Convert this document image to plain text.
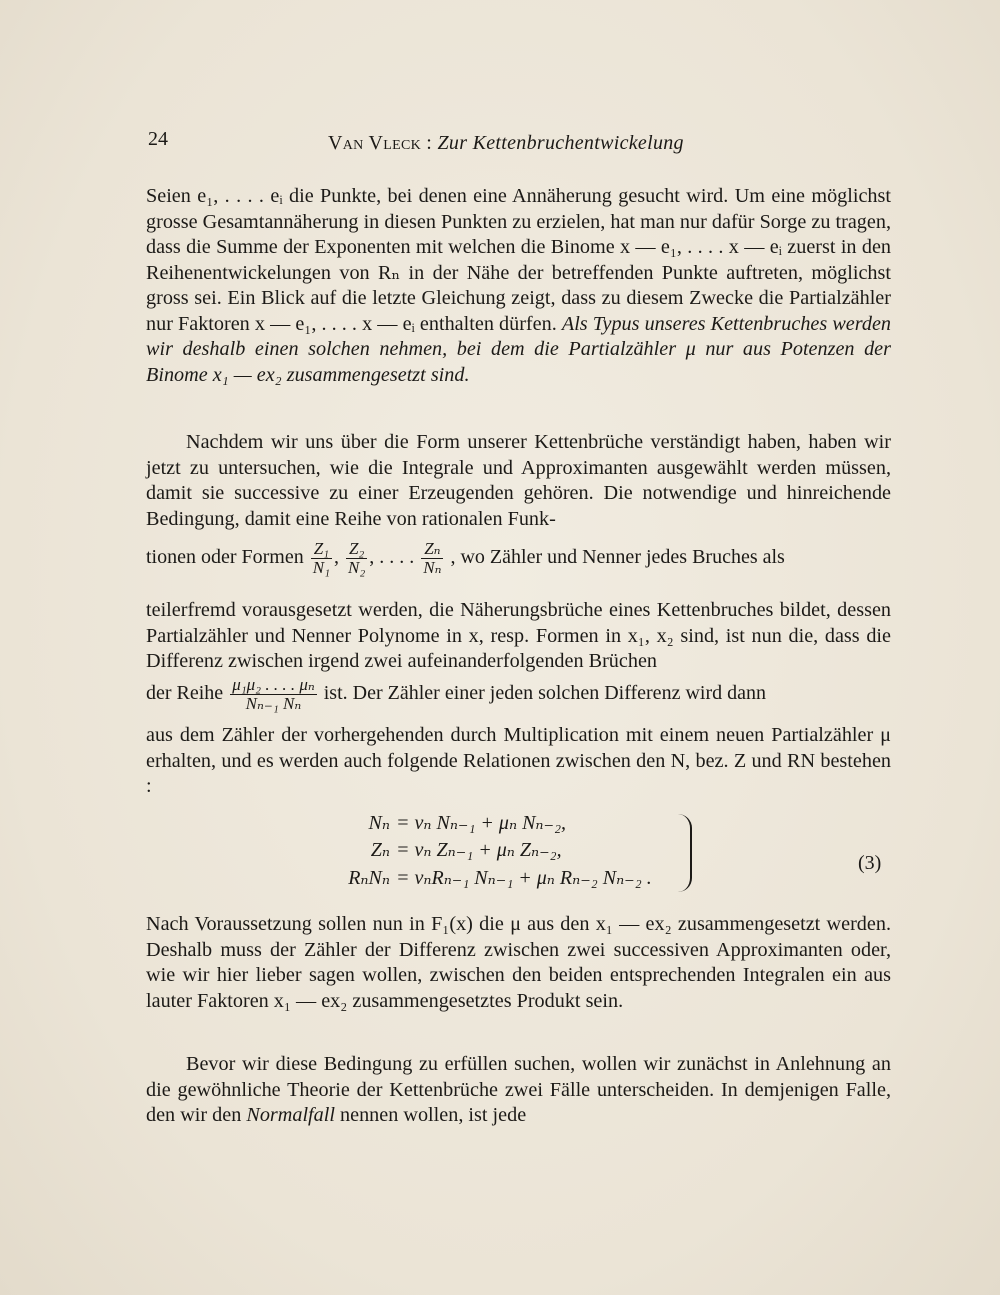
24	Van Vleck : Zur Kettenbruchentwickelung

Seien e₁, . . . . eᵢ die Punkte, bei denen eine Annäherung gesucht wird. Um eine möglichst grosse Gesamtannäherung in diesen Punkten zu erzielen, hat man nur dafür Sorge zu tragen, dass die Summe der Exponenten mit welchen die Binome x — e₁, . . . . x — eᵢ zuerst in den Reihenentwickelungen von Rₙ in der Nähe der betreffenden Punkte auftreten, möglichst gross sei. Ein Blick auf die letzte Gleichung zeigt, dass zu diesem Zwecke die Partialzähler nur Faktoren x — e₁, . . . . x — eᵢ enthalten dürfen. Als Typus unseres Kettenbruches werden wir deshalb einen solchen nehmen, bei dem die Partialzähler μ nur aus Potenzen der Binome x₁ — ex₂ zusammengesetzt sind.

Nachdem wir uns über die Form unserer Kettenbrüche verständigt haben, haben wir jetzt zu untersuchen, wie die Integrale und Approximanten ausgewählt werden müssen, damit sie successive zu einer Erzeugenden gehören. Die notwendige und hinreichende Bedingung, damit eine Reihe von rationalen Funk-

tionen oder Formen $\frac{\text{Z₁}}{\text{N₁}}$ , $\frac{\text{Z₂}}{\text{N₂}}$ , . . . . $\frac{\text{Zₙ}}{\text{Nₙ}}$ , wo Zähler und Nenner jedes Bruches als

teilerfremd vorausgesetzt werden, die Näherungsbrüche eines Kettenbruches bildet, dessen Partialzähler und Nenner Polynome in x, resp. Formen in x₁, x₂ sind, ist nun die, dass die Differenz zwischen irgend zwei aufeinanderfolgenden Brüchen

der Reihe $\frac{\text{μ₁μ₂ . . . . μₙ}}{\text{Nₙ₋₁ Nₙ}}$ ist. Der Zähler einer jeden solchen Differenz wird dann

aus dem Zähler der vorhergehenden durch Multiplication mit einem neuen Partialzähler μ erhalten, und es werden auch folgende Relationen zwischen den N, bez. Z und RN bestehen :

Nₙ = vₙ Nₙ₋₁ + μₙ Nₙ₋₂,
Zₙ = vₙ Zₙ₋₁ + μₙ Zₙ₋₂,
RₙNₙ = vₙRₙ₋₁ Nₙ₋₁ + μₙ Rₙ₋₂ Nₙ₋₂ .
(3)

Nach Voraussetzung sollen nun in F₁(x) die μ aus den x₁ — ex₂ zusammengesetzt werden. Deshalb muss der Zähler der Differenz zwischen zwei successiven Approximanten oder, wie wir hier lieber sagen wollen, zwischen den beiden entsprechenden Integralen ein aus lauter Faktoren x₁ — ex₂ zusammengesetztes Produkt sein.

Bevor wir diese Bedingung zu erfüllen suchen, wollen wir zunächst in Anlehnung an die gewöhnliche Theorie der Kettenbrüche zwei Fälle unterscheiden. In demjenigen Falle, den wir den Normalfall nennen wollen, ist jede
